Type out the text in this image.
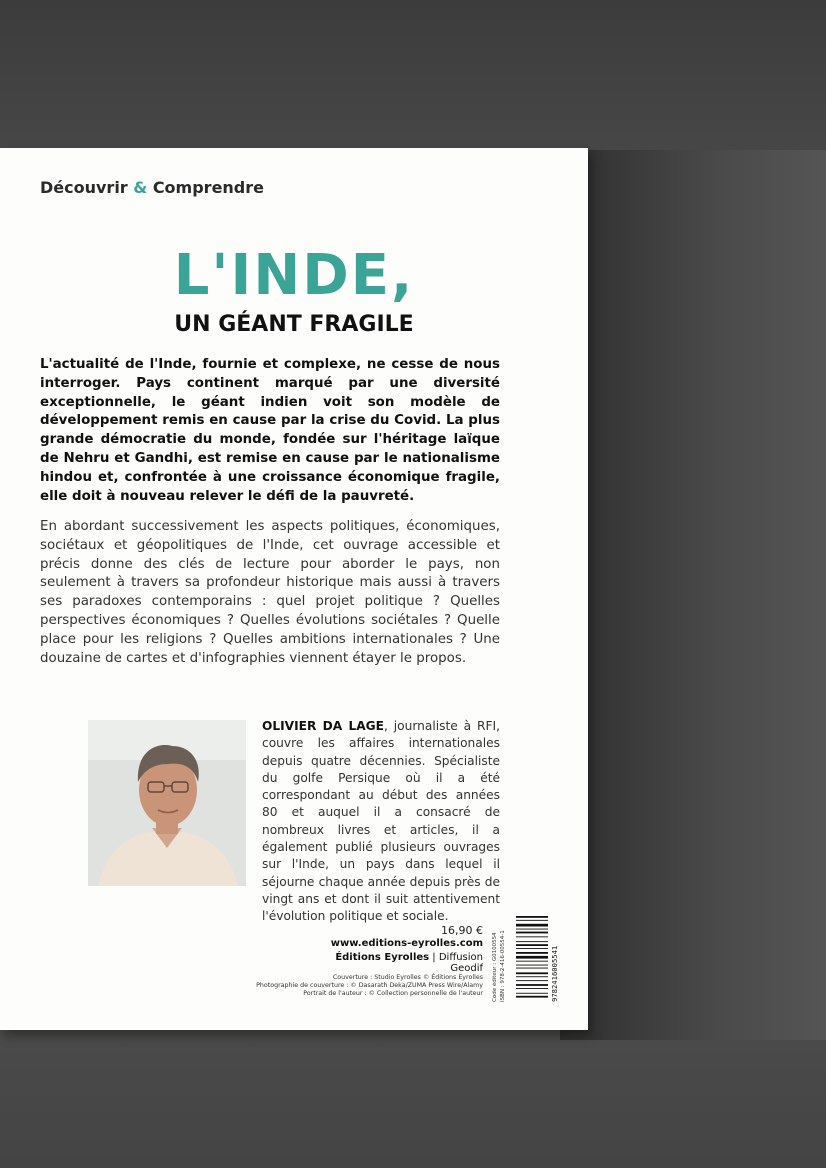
Découvrir & Comprendre
L'INDE,
UN GÉANT FRAGILE

L'actualité de l'Inde, fournie et complexe, ne cesse de nous interroger. Pays continent marqué par une diversité exceptionnelle, le géant indien voit son modèle de développement remis en cause par la crise du Covid. La plus grande démocratie du monde, fondée sur l'héritage laïque de Nehru et Gandhi, est remise en cause par le nationalisme hindou et, confrontée à une croissance économique fragile, elle doit à nouveau relever le défi de la pauvreté.

En abordant successivement les aspects politiques, économiques, sociétaux et géopolitiques de l'Inde, cet ouvrage accessible et précis donne des clés de lecture pour aborder le pays, non seulement à travers sa profondeur historique mais aussi à travers ses paradoxes contemporains : quel projet politique ? Quelles perspectives économiques ? Quelles évolutions sociétales ? Quelle place pour les religions ? Quelles ambitions internationales ? Une douzaine de cartes et d'infographies viennent étayer le propos.

OLIVIER DA LAGE, journaliste à RFI, couvre les affaires internationales depuis quatre décennies. Spécialiste du golfe Persique où il a été correspondant au début des années 80 et auquel il a consacré de nombreux livres et articles, il a également publié plusieurs ouvrages sur l'Inde, un pays dans lequel il séjourne chaque année depuis près de vingt ans et dont il suit attentivement l'évolution politique et sociale.

16,90 €
www.editions-eyrolles.com
Éditions Eyrolles | Diffusion Geodif
Couverture : Studio Eyrolles © Éditions Eyrolles
Photographie de couverture : © Dasarath Deka/ZUMA Press Wire/Alamy
Portrait de l'auteur : © Collection personnelle de l'auteur Code éditeur : G0100554 ISBN : 978-2-416-00554-1	9782416005541
